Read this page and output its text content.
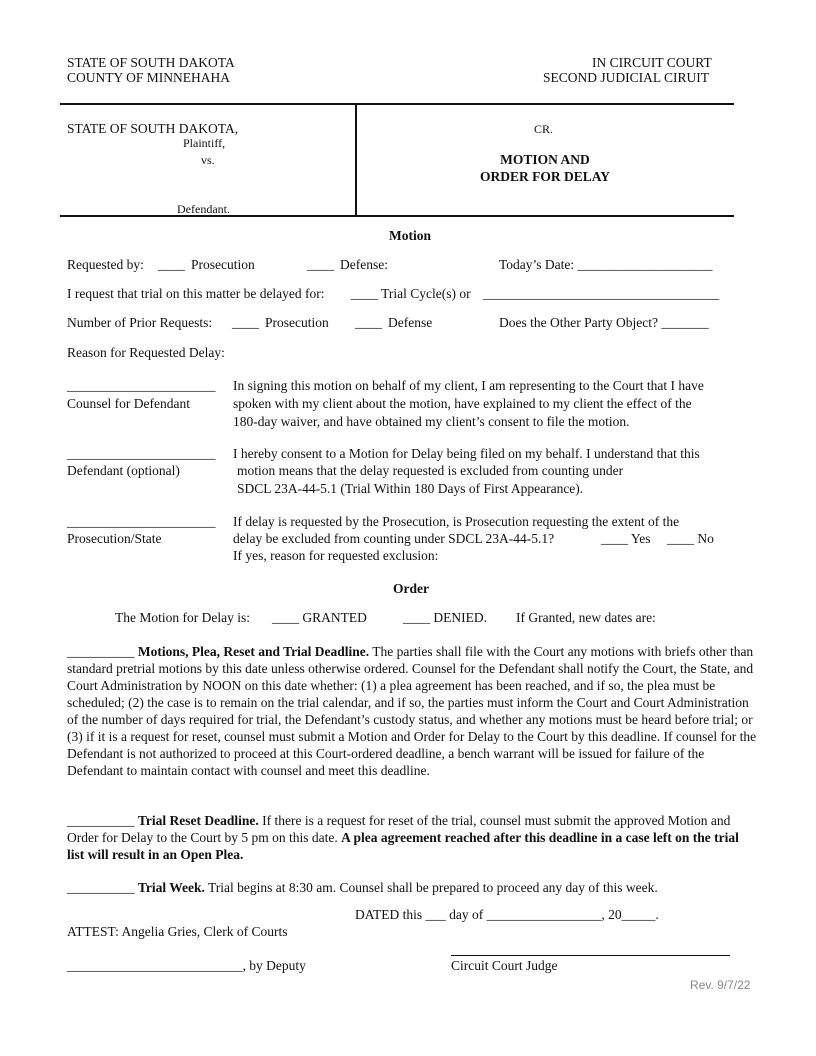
STATE OF SOUTH DAKOTA
COUNTY OF MINNEHAHA
IN CIRCUIT COURT
SECOND JUDICIAL CIRUIT
STATE OF SOUTH DAKOTA,
Plaintiff,
vs.
Defendant.
CR.
MOTION AND
ORDER FOR DELAY
Motion
Requested by: ____ Prosecution	____ Defense:	Today’s Date: ____________________
I request that trial on this matter be delayed for: ____ Trial Cycle(s) or ___________________________________
Number of Prior Requests: ____ Prosecution ____ Defense	Does the Other Party Object? _______
Reason for Requested Delay:
______________________
Counsel for Defendant
In signing this motion on behalf of my client, I am representing to the Court that I have
spoken with my client about the motion, have explained to my client the effect of the
180-day waiver, and have obtained my client’s consent to file the motion.
______________________
Defendant (optional)
I hereby consent to a Motion for Delay being filed on my behalf. I understand that this
motion means that the delay requested is excluded from counting under
SDCL 23A-44-5.1 (Trial Within 180 Days of First Appearance).
______________________
Prosecution/State
If delay is requested by the Prosecution, is Prosecution requesting the extent of the
delay be excluded from counting under SDCL 23A-44-5.1?	____ Yes ____ No
If yes, reason for requested exclusion:
Order
The Motion for Delay is: ____ GRANTED	____ DENIED. If Granted, new dates are:
__________ Motions, Plea, Reset and Trial Deadline. The parties shall file with the Court any motions with briefs other than standard pretrial motions by this date unless otherwise ordered. Counsel for the Defendant shall notify the Court, the State, and Court Administration by NOON on this date whether: (1) a plea agreement has been reached, and if so, the plea must be scheduled; (2) the case is to remain on the trial calendar, and if so, the parties must inform the Court and Court Administration of the number of days required for trial, the Defendant’s custody status, and whether any motions must be heard before trial; or (3) if it is a request for reset, counsel must submit a Motion and Order for Delay to the Court by this deadline. If counsel for the Defendant is not authorized to proceed at this Court-ordered deadline, a bench warrant will be issued for failure of the Defendant to maintain contact with counsel and meet this deadline.
__________ Trial Reset Deadline. If there is a request for reset of the trial, counsel must submit the approved Motion and Order for Delay to the Court by 5 pm on this date. A plea agreement reached after this deadline in a case left on the trial list will result in an Open Plea.
__________ Trial Week. Trial begins at 8:30 am. Counsel shall be prepared to proceed any day of this week.
DATED this ___ day of _________________, 20_____.
ATTEST: Angelia Gries, Clerk of Courts
__________________________, by Deputy	Circuit Court Judge
Rev. 9/7/22
